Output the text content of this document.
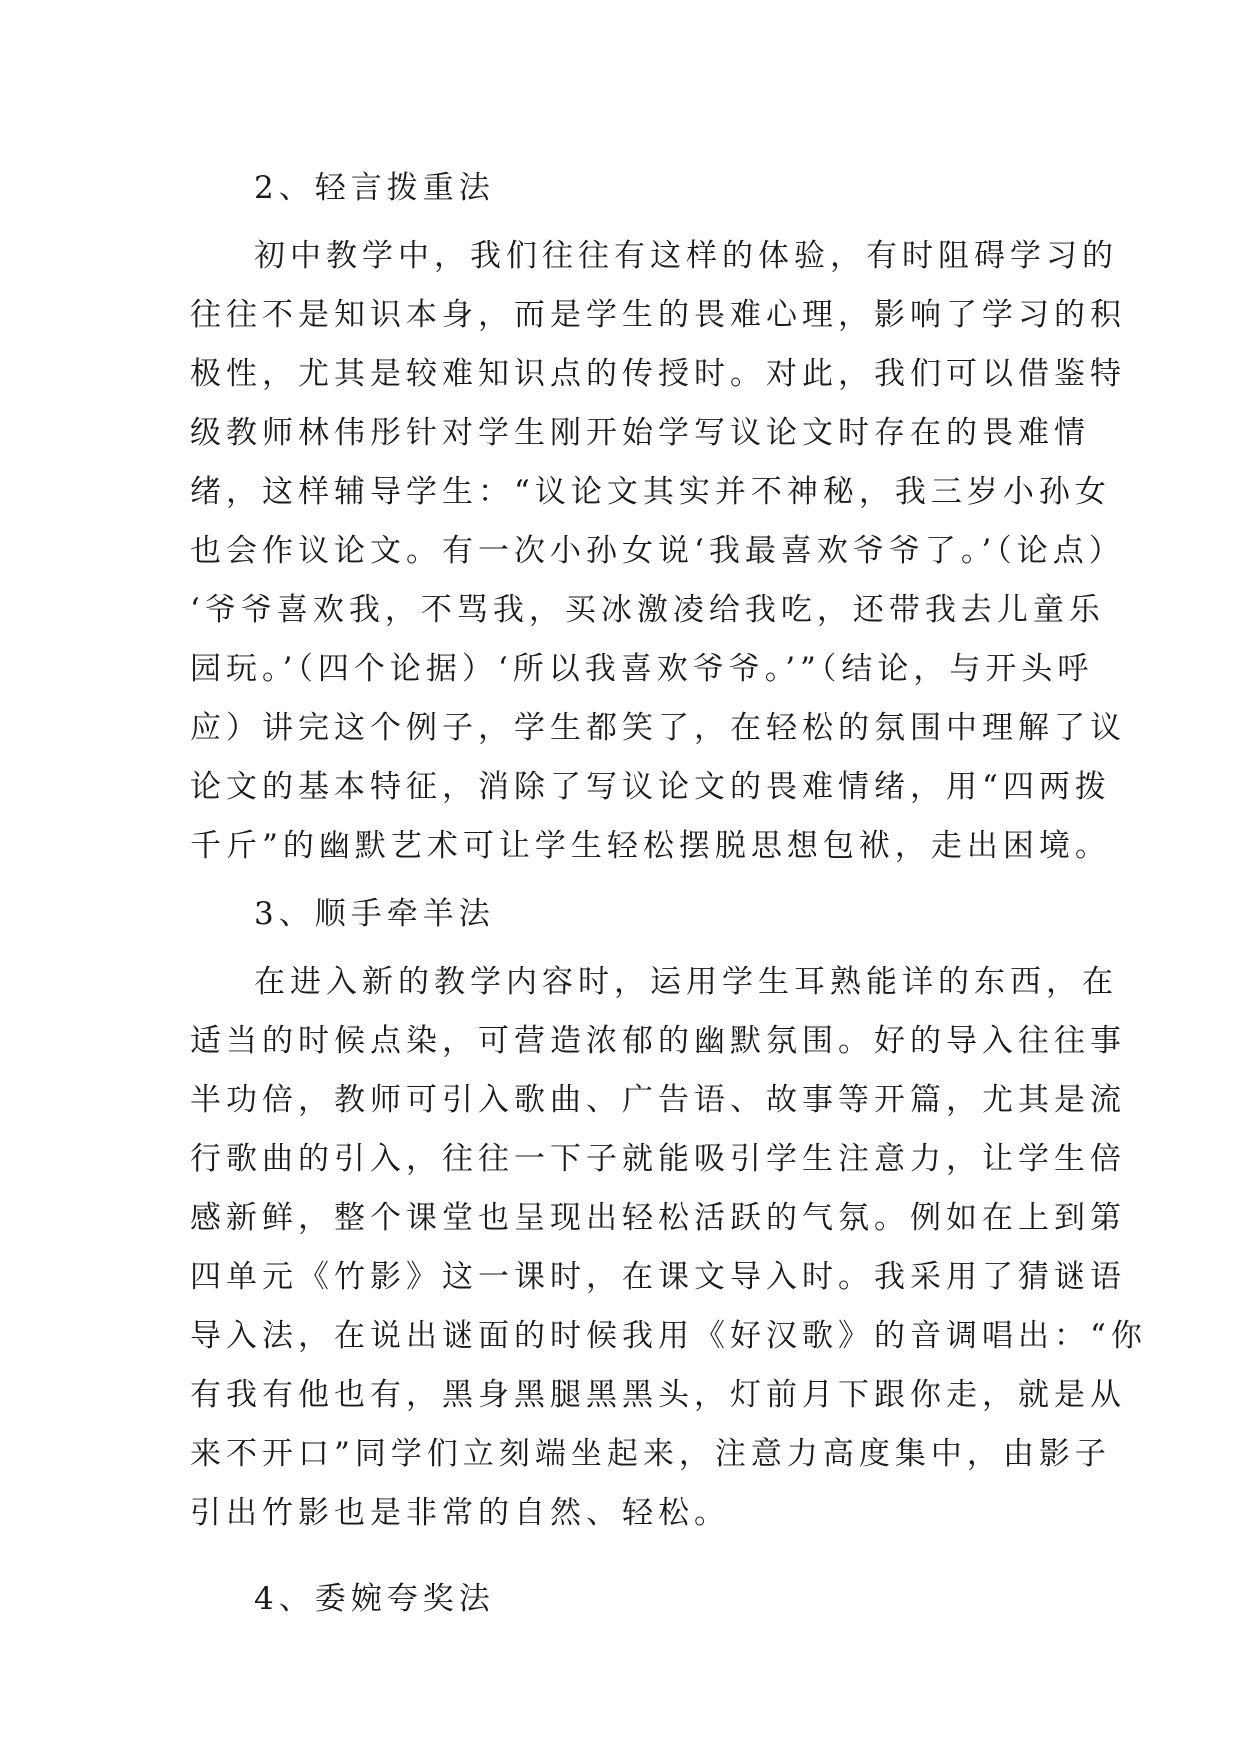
2、轻言拨重法
初中教学中，我们往往有这样的体验，有时阻碍学习的
往往不是知识本身，而是学生的畏难心理，影响了学习的积
极性，尤其是较难知识点的传授时。对此，我们可以借鉴特
级教师林伟彤针对学生刚开始学写议论文时存在的畏难情
绪，这样辅导学生：“议论文其实并不神秘，我三岁小孙女
也会作议论文。有一次小孙女说‘我最喜欢爷爷了。’（论点）
‘爷爷喜欢我，不骂我，买冰激凌给我吃，还带我去儿童乐
园玩。’（四个论据）‘所以我喜欢爷爷。’”（结论，与开头呼
应）讲完这个例子，学生都笑了，在轻松的氛围中理解了议
论文的基本特征，消除了写议论文的畏难情绪，用“四两拨
千斤”的幽默艺术可让学生轻松摆脱思想包袱，走出困境。
3、顺手牵羊法
在进入新的教学内容时，运用学生耳熟能详的东西，在
适当的时候点染，可营造浓郁的幽默氛围。好的导入往往事
半功倍，教师可引入歌曲、广告语、故事等开篇，尤其是流
行歌曲的引入，往往一下子就能吸引学生注意力，让学生倍
感新鲜，整个课堂也呈现出轻松活跃的气氛。例如在上到第
四单元《竹影》这一课时，在课文导入时。我采用了猜谜语
导入法，在说出谜面的时候我用《好汉歌》的音调唱出：“你
有我有他也有，黑身黑腿黑黑头，灯前月下跟你走，就是从
来不开口”同学们立刻端坐起来，注意力高度集中，由影子
引出竹影也是非常的自然、轻松。
4、委婉夸奖法
